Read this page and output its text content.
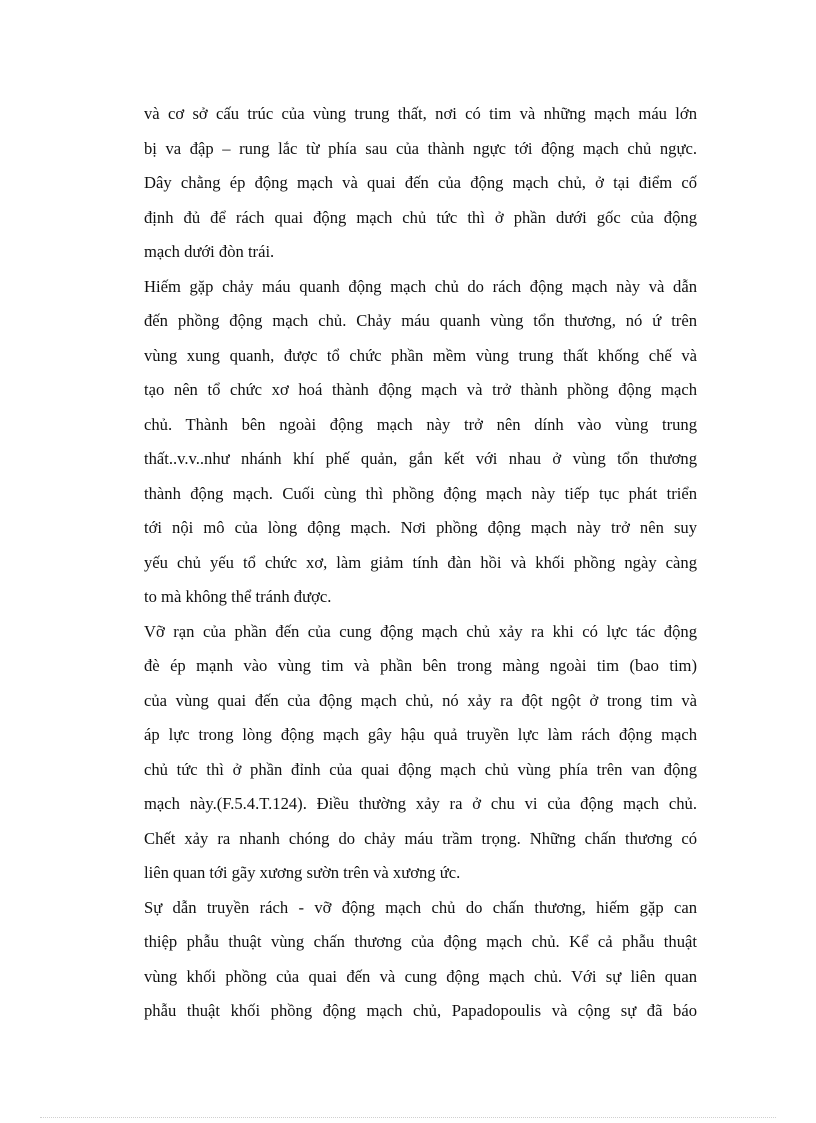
và cơ sở cấu trúc của vùng trung thất, nơi có tim và những mạch máu lớn
bị va đập – rung lắc từ phía sau của thành ngực tới động mạch chủ ngực.
Dây chằng ép động mạch và quai đến của động mạch chủ, ở tại điểm cố
định đủ để rách quai động mạch chủ tức thì ở phần dưới gốc của động
mạch dưới đòn trái.
Hiếm gặp chảy máu quanh động mạch chủ do rách động mạch này và dẫn
đến phồng động mạch chủ. Chảy máu quanh vùng tổn thương, nó ứ trên
vùng xung quanh, được tổ chức phần mềm vùng trung thất khống chế và
tạo nên tổ chức xơ hoá thành động mạch và trở thành phồng động mạch
chủ. Thành bên ngoài động mạch này trở nên dính vào vùng trung
thất..v.v..như nhánh khí phế quản, gắn kết với nhau ở vùng tổn thương
thành động mạch. Cuối cùng thì phồng động mạch này tiếp tục phát triển
tới nội mô của lòng động mạch. Nơi phồng động mạch này trở nên suy
yếu chủ yếu tổ chức xơ, làm giảm tính đàn hồi và khối phồng ngày càng
to mà không thể tránh được.
Vỡ rạn của phần đến của cung động mạch chủ xảy ra khi có lực tác động
đè ép mạnh vào vùng tim và phần bên trong màng ngoài tim (bao tim)
của vùng quai đến của động mạch chủ, nó xảy ra đột ngột ở trong tim và
áp lực trong lòng động mạch gây hậu quả truyền lực làm rách động mạch
chủ tức thì ở phần đỉnh của quai động mạch chủ vùng phía trên van động
mạch này.(F.5.4.T.124). Điều thường xảy ra ở chu vi của động mạch chủ.
Chết xảy ra nhanh chóng do chảy máu trầm trọng. Những chấn thương có
liên quan tới gãy xương sườn trên và xương ức.
Sự dẫn truyền rách - vỡ động mạch chủ do chấn thương, hiếm gặp can
thiệp phẫu thuật vùng chấn thương của động mạch chủ. Kể cả phẫu thuật
vùng khối phồng của quai đến và cung động mạch chủ. Với sự liên quan
phẫu thuật khối phồng động mạch chủ, Papadopoulis và cộng sự đã báo
